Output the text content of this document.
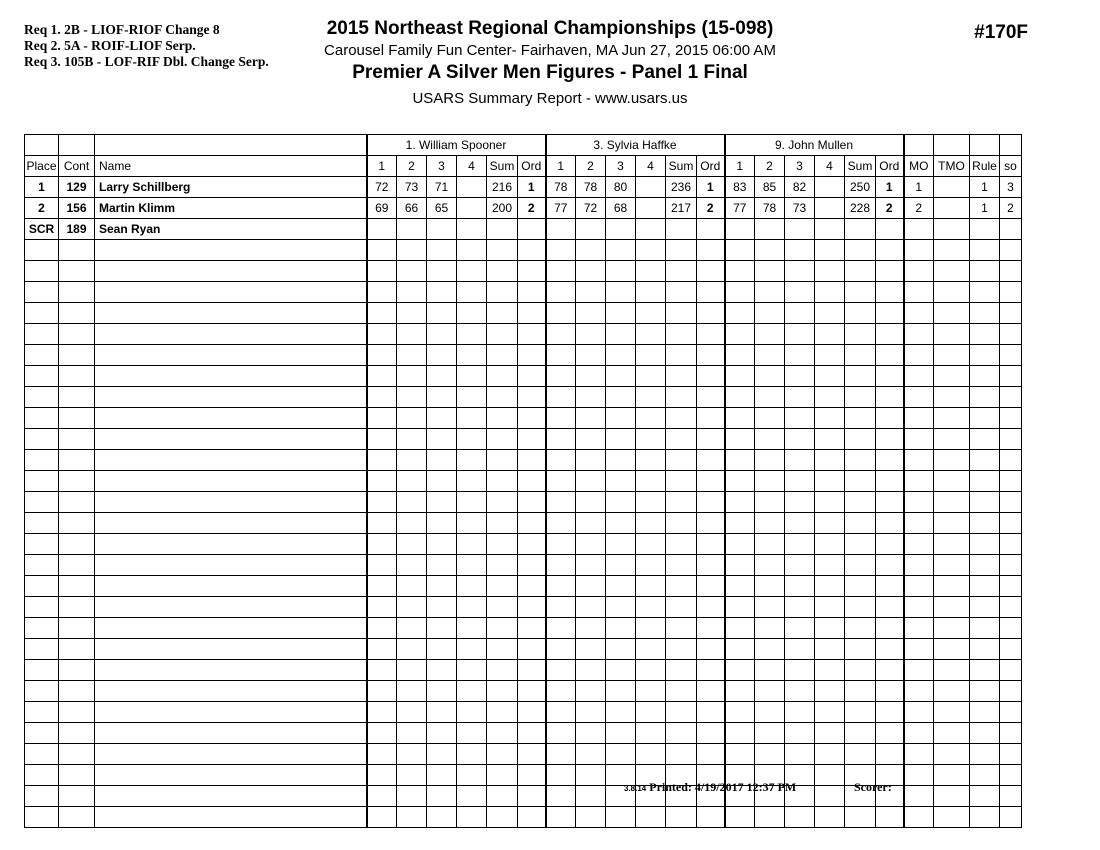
Req 1. 2B - LIOF-RIOF Change 8
Req 2. 5A - ROIF-LIOF Serp.
Req 3. 105B - LOF-RIF Dbl. Change Serp.
2015 Northeast Regional Championships (15-098)
Carousel Family Fun Center- Fairhaven, MA Jun 27, 2015 06:00 AM
Premier A Silver Men Figures - Panel 1 Final
USARS Summary Report - www.usars.us
#170F
			1. William Spooner						3. Sylvia Haffke						9. John Mullen									
Place	Cont	Name	1	2	3	4	Sum	Ord	1	2	3	4	Sum	Ord	1	2	3	4	Sum	Ord	MO	TMO	Rule	so
1	129	Larry Schillberg	72	73	71		216	1	78	78	80		236	1	83	85	82		250	1	1		1	3
2	156	Martin Klimm	69	66	65		200	2	77	72	68		217	2	77	78	73		228	2	2		1	2
SCR	189	Sean Ryan																						

3.8.14 Printed: 4/19/2017 12:37 PM	Scorer:
